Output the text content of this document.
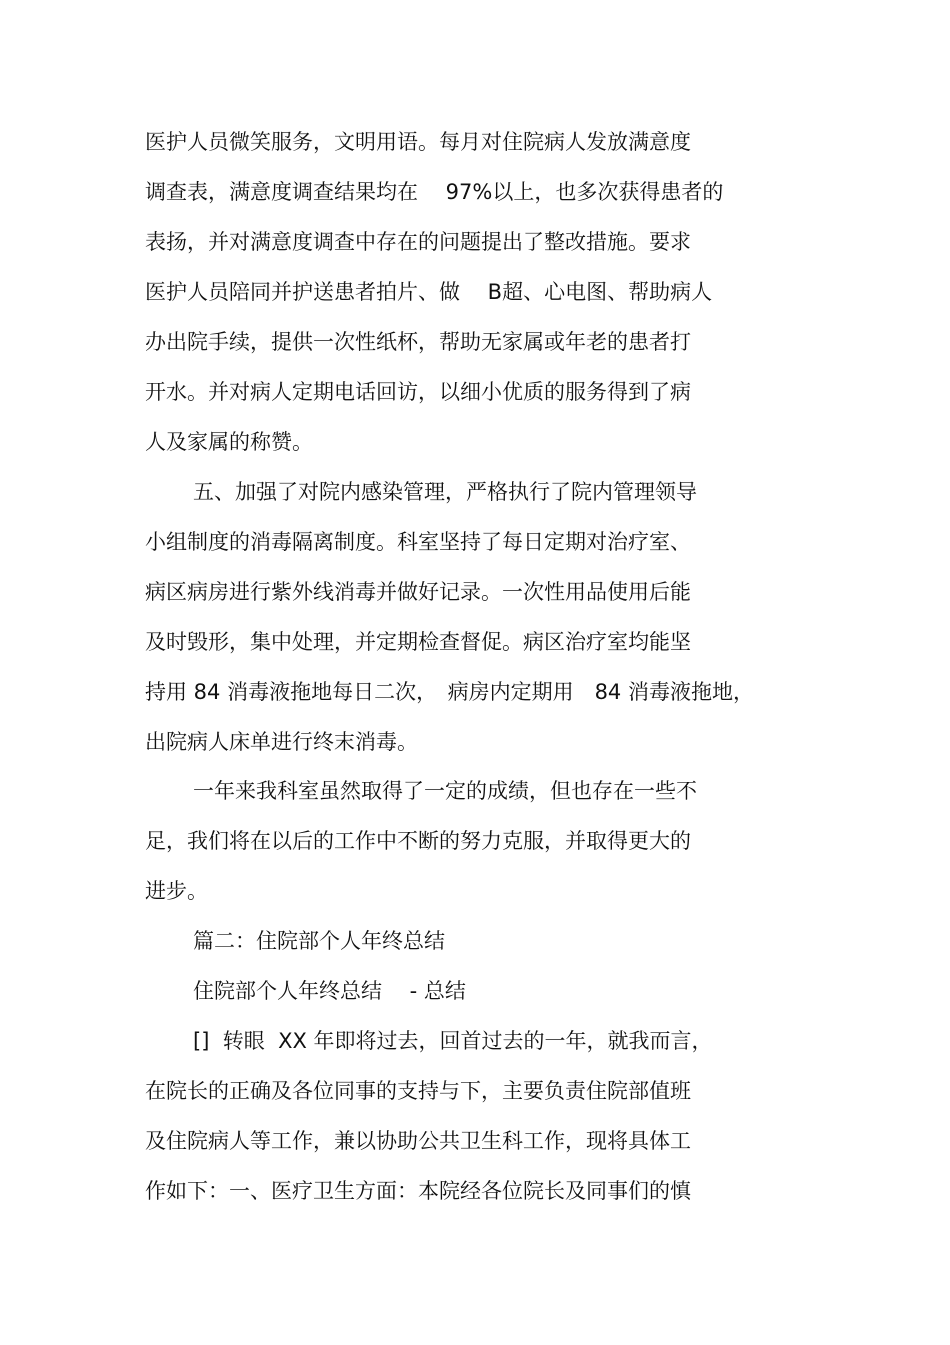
医护人员微笑服务，文明用语。每月对住院病人发放满意度
调查表，满意度调查结果均在　 97%以上，也多次获得患者的
表扬，并对满意度调查中存在的问题提出了整改措施。要求
医护人员陪同并护送患者拍片、做　 B超、心电图、帮助病人
办出院手续，提供一次性纸杯，帮助无家属或年老的患者打
开水。并对病人定期电话回访，以细小优质的服务得到了病
人及家属的称赞。
五、加强了对院内感染管理，严格执行了院内管理领导
小组制度的消毒隔离制度。科室坚持了每日定期对治疗室、
病区病房进行紫外线消毒并做好记录。一次性用品使用后能
及时毁形，集中处理，并定期检查督促。病区治疗室均能坚
持用 84 消毒液拖地每日二次，　病房内定期用　84 消毒液拖地，
出院病人床单进行终末消毒。
一年来我科室虽然取得了一定的成绩，但也存在一些不
足，我们将在以后的工作中不断的努力克服，并取得更大的
进步。
篇二：住院部个人年终总结
住院部个人年终总结　 - 总结
[]  转眼  XX 年即将过去，回首过去的一年，就我而言，
在院长的正确及各位同事的支持与下，主要负责住院部值班
及住院病人等工作，兼以协助公共卫生科工作，现将具体工
作如下：一、医疗卫生方面：本院经各位院长及同事们的慎
